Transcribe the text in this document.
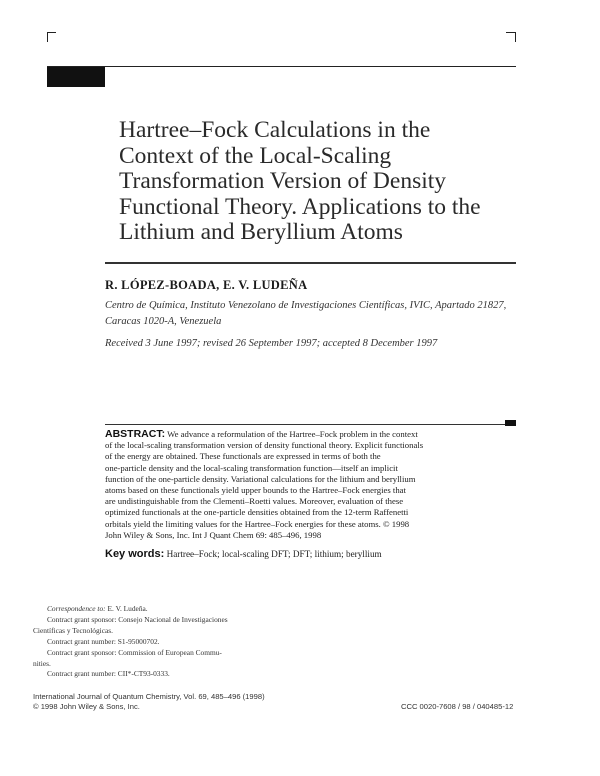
Hartree–Fock Calculations in the
Context of the Local-Scaling
Transformation Version of Density
Functional Theory. Applications to the
Lithium and Beryllium Atoms
R. LÓPEZ-BOADA, E. V. LUDEÑA
Centro de Química, Instituto Venezolano de Investigaciones Científicas, IVIC, Apartado 21827,
Caracas 1020-A, Venezuela
Received 3 June 1997; revised 26 September 1997; accepted 8 December 1997
ABSTRACT: We advance a reformulation of the Hartree–Fock problem in the context
of the local-scaling transformation version of density functional theory. Explicit functionals
of the energy are obtained. These functionals are expressed in terms of both the
one-particle density and the local-scaling transformation function—itself an implicit
function of the one-particle density. Variational calculations for the lithium and beryllium
atoms based on these functionals yield upper bounds to the Hartree–Fock energies that
are undistinguishable from the Clementi–Roetti values. Moreover, evaluation of these
optimized functionals at the one-particle densities obtained from the 12-term Raffenetti
orbitals yield the limiting values for the Hartree–Fock energies for these atoms. © 1998
John Wiley & Sons, Inc. Int J Quant Chem 69: 485–496, 1998
Key words: Hartree–Fock; local-scaling DFT; DFT; lithium; beryllium
Correspondence to: E. V. Ludeña.
Contract grant sponsor: Consejo Nacional de Investigaciones
Científicas y Tecnológicas.
Contract grant number: S1-95000702.
Contract grant sponsor: Commission of European Commu-
nities.
Contract grant number: CII*-CT93-0333.
International Journal of Quantum Chemistry, Vol. 69, 485–496 (1998)
© 1998 John Wiley & Sons, Inc.	CCC 0020-7608 / 98 / 040485-12
